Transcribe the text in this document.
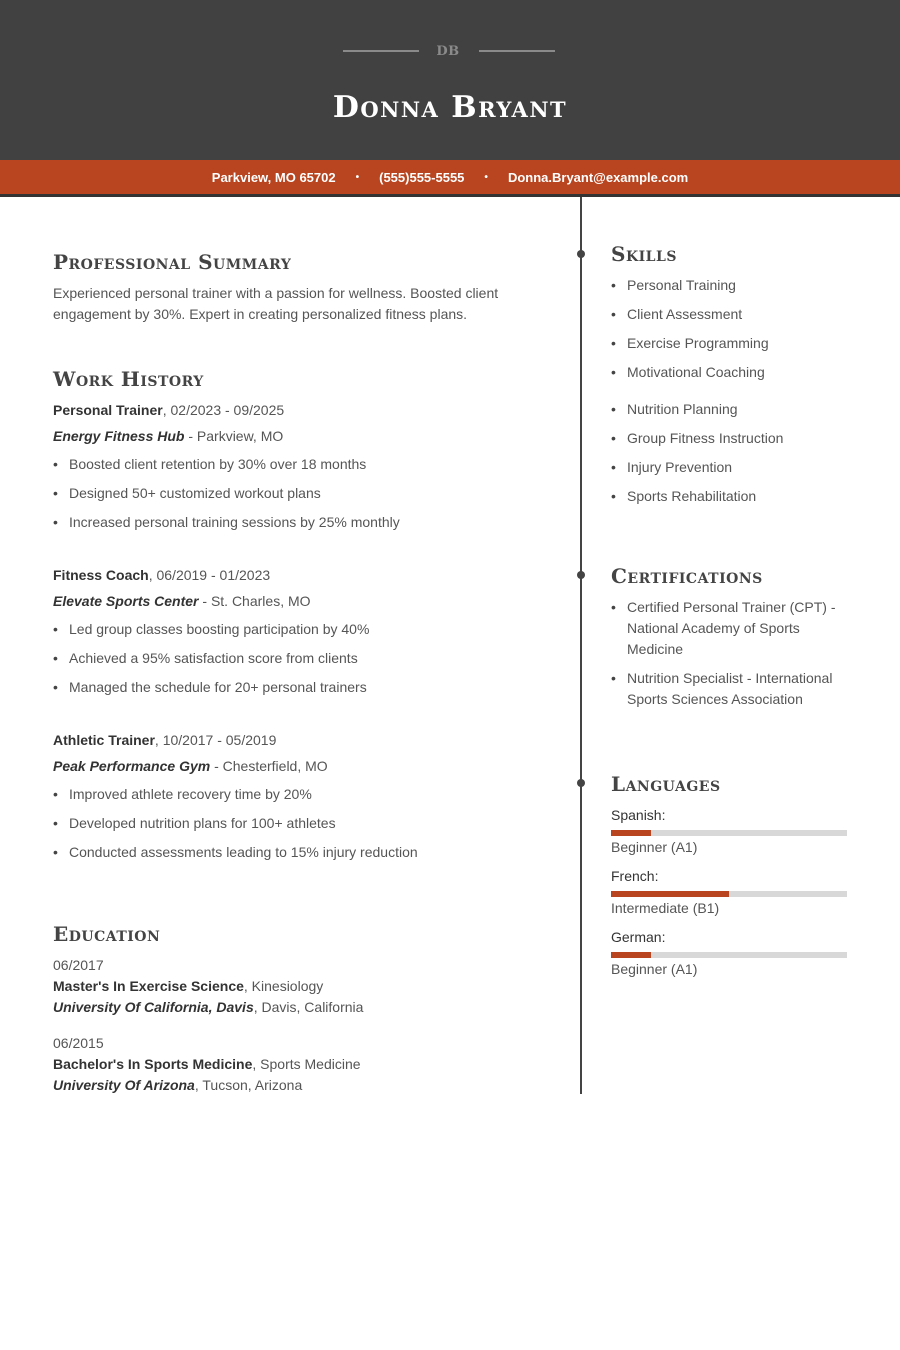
DB
Donna Bryant
Parkview, MO 65702 • (555)555-5555 • Donna.Bryant@example.com
Professional Summary
Experienced personal trainer with a passion for wellness. Boosted client
engagement by 30%. Expert in creating personalized fitness plans.
Work History
Personal Trainer, 02/2023 - 09/2025
Energy Fitness Hub - Parkview, MO
• Boosted client retention by 30% over 18 months
• Designed 50+ customized workout plans
• Increased personal training sessions by 25% monthly
Fitness Coach, 06/2019 - 01/2023
Elevate Sports Center - St. Charles, MO
• Led group classes boosting participation by 40%
• Achieved a 95% satisfaction score from clients
• Managed the schedule for 20+ personal trainers
Athletic Trainer, 10/2017 - 05/2019
Peak Performance Gym - Chesterfield, MO
• Improved athlete recovery time by 20%
• Developed nutrition plans for 100+ athletes
• Conducted assessments leading to 15% injury reduction
Education
06/2017
Master's In Exercise Science, Kinesiology
University Of California, Davis, Davis, California
06/2015
Bachelor's In Sports Medicine, Sports Medicine
University Of Arizona, Tucson, Arizona
Skills
• Personal Training
• Client Assessment
• Exercise Programming
• Motivational Coaching
• Nutrition Planning
• Group Fitness Instruction
• Injury Prevention
• Sports Rehabilitation
Certifications
• Certified Personal Trainer (CPT) - National Academy of Sports Medicine
• Nutrition Specialist - International Sports Sciences Association
Languages
Spanish:
Beginner (A1)
French:
Intermediate (B1)
German:
Beginner (A1)
